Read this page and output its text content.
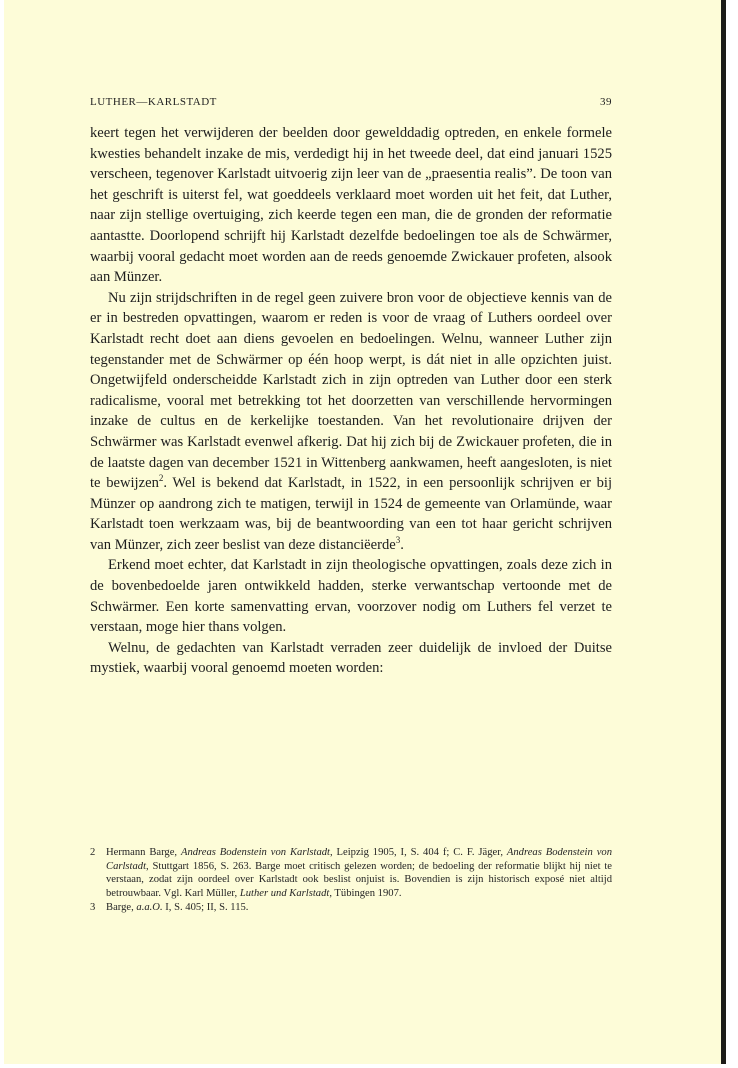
LUTHER—KARLSTADT	39

keert tegen het verwijderen der beelden door gewelddadig optreden, en enkele formele kwesties behandelt inzake de mis, verdedigt hij in het tweede deel, dat eind januari 1525 verscheen, tegenover Karlstadt uitvoerig zijn leer van de „praesentia realis”. De toon van het geschrift is uiterst fel, wat goeddeels verklaard moet worden uit het feit, dat Luther, naar zijn stellige overtuiging, zich keerde tegen een man, die de gronden der reformatie aantastte. Doorlopend schrijft hij Karlstadt dezelfde bedoelingen toe als de Schwärmer, waarbij vooral gedacht moet worden aan de reeds genoemde Zwickauer profeten, alsook aan Münzer.

Nu zijn strijdschriften in de regel geen zuivere bron voor de objectieve kennis van de er in bestreden opvattingen, waarom er reden is voor de vraag of Luthers oordeel over Karlstadt recht doet aan diens gevoelen en bedoelingen. Welnu, wanneer Luther zijn tegenstander met de Schwärmer op één hoop werpt, is dát niet in alle opzichten juist. Ongetwijfeld onderscheidde Karlstadt zich in zijn optreden van Luther door een sterk radicalisme, vooral met betrekking tot het doorzetten van verschillende hervormingen inzake de cultus en de kerkelijke toestanden. Van het revolutionaire drijven der Schwärmer was Karlstadt evenwel afkerig. Dat hij zich bij de Zwickauer profeten, die in de laatste dagen van december 1521 in Wittenberg aankwamen, heeft aangesloten, is niet te bewijzen$^2$. Wel is bekend dat Karlstadt, in 1522, in een persoonlijk schrijven er bij Münzer op aandrong zich te matigen, terwijl in 1524 de gemeente van Orlamünde, waar Karlstadt toen werkzaam was, bij de beantwoording van een tot haar gericht schrijven van Münzer, zich zeer beslist van deze distanciëerde$^3$.

Erkend moet echter, dat Karlstadt in zijn theologische opvattingen, zoals deze zich in de bovenbedoelde jaren ontwikkeld hadden, sterke verwantschap vertoonde met de Schwärmer. Een korte samenvatting ervan, voorzover nodig om Luthers fel verzet te verstaan, moge hier thans volgen.

Welnu, de gedachten van Karlstadt verraden zeer duidelijk de invloed der Duitse mystiek, waarbij vooral genoemd moeten worden:

2	Hermann Barge, Andreas Bodenstein von Karlstadt, Leipzig 1905, I, S. 404 f; C. F. Jäger, Andreas Bodenstein von Carlstadt, Stuttgart 1856, S. 263. Barge moet critisch gelezen worden; de bedoeling der reformatie blijkt hij niet te verstaan, zodat zijn oordeel over Karlstadt ook beslist onjuist is. Bovendien is zijn historisch exposé niet altijd betrouwbaar. Vgl. Karl Müller, Luther und Karlstadt, Tübingen 1907.
3	Barge, a.a.O. I, S. 405; II, S. 115.
